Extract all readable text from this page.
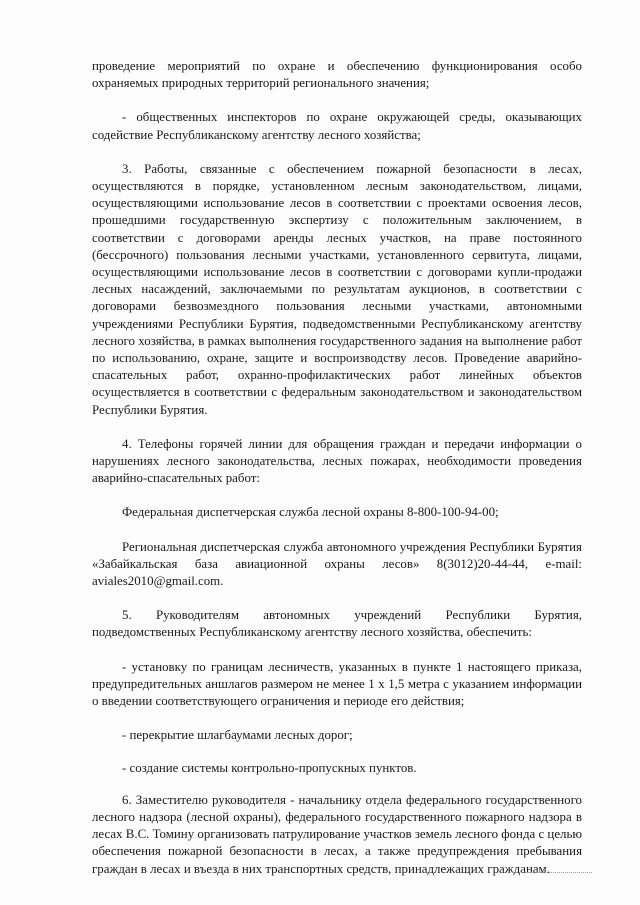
проведение мероприятий по охране и обеспечению функционирования особо охраняемых природных территорий регионального значения;

- общественных инспекторов по охране окружающей среды, оказывающих содействие Республиканскому агентству лесного хозяйства;

3. Работы, связанные с обеспечением пожарной безопасности в лесах, осуществляются в порядке, установленном лесным законодательством, лицами, осуществляющими использование лесов в соответствии с проектами освоения лесов, прошедшими государственную экспертизу с положительным заключением, в соответствии с договорами аренды лесных участков, на праве постоянного (бессрочного) пользования лесными участками, установленного сервитута, лицами, осуществляющими использование лесов в соответствии с договорами купли-продажи лесных насаждений, заключаемыми по результатам аукционов, в соответствии с договорами безвозмездного пользования лесными участками, автономными учреждениями Республики Бурятия, подведомственными Республиканскому агентству лесного хозяйства, в рамках выполнения государственного задания на выполнение работ по использованию, охране, защите и воспроизводству лесов. Проведение аварийно-спасательных работ, охранно-профилактических работ линейных объектов осуществляется в соответствии с федеральным законодательством и законодательством Республики Бурятия.

4. Телефоны горячей линии для обращения граждан и передачи информации о нарушениях лесного законодательства, лесных пожарах, необходимости проведения аварийно-спасательных работ:

Федеральная диспетчерская служба лесной охраны 8-800-100-94-00;

Региональная диспетчерская служба автономного учреждения Республики Бурятия «Забайкальская база авиационной охраны лесов» 8(3012)20-44-44, e-mail: aviales2010@gmail.com.

5. Руководителям автономных учреждений Республики Бурятия, подведомственных Республиканскому агентству лесного хозяйства, обеспечить:

- установку по границам лесничеств, указанных в пункте 1 настоящего приказа, предупредительных аншлагов размером не менее 1 х 1,5 метра с указанием информации о введении соответствующего ограничения и периоде его действия;

- перекрытие шлагбаумами лесных дорог;

- создание системы контрольно-пропускных пунктов.

6. Заместителю руководителя - начальнику отдела федерального государственного лесного надзора (лесной охраны), федерального государственного пожарного надзора в лесах В.С. Томину организовать патрулирование участков земель лесного фонда с целью обеспечения пожарной безопасности в лесах, а также предупреждения пребывания граждан в лесах и въезда в них транспортных средств, принадлежащих гражданам.
